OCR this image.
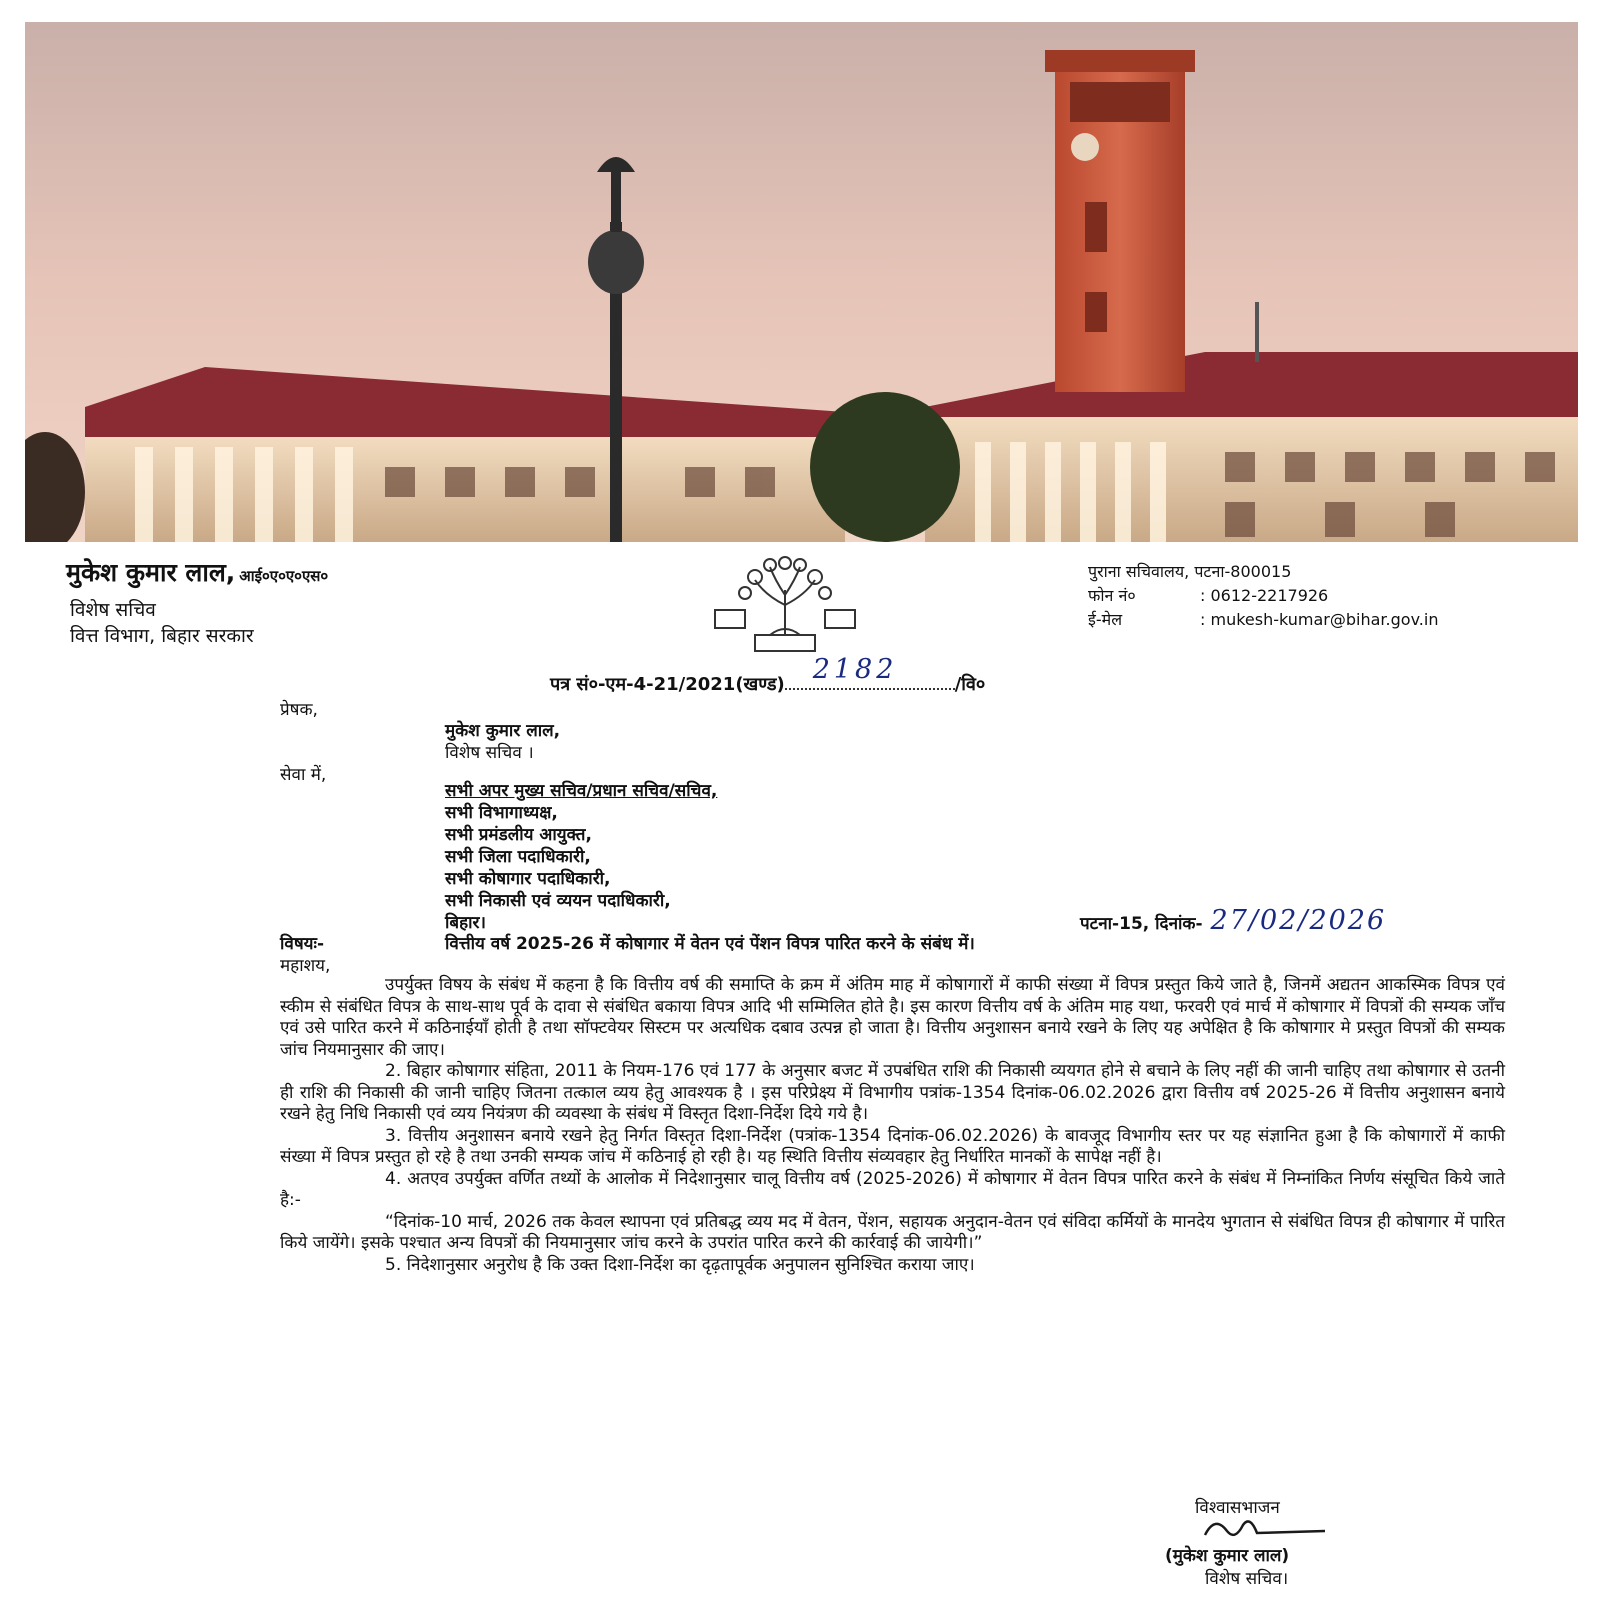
मुकेश कुमार लाल, आई०ए०ए०एस०
विशेष सचिव
वित्त विभाग, बिहार सरकार
पुराना सचिवालय, पटना-800015
फोन नं०	: 0612-2217926
ई-मेल	: mukesh-kumar@bihar.gov.in
पत्र सं०-एम-4-21/2021(खण्ड) 2182	/वि०
प्रेषक,
मुकेश कुमार लाल,
विशेष सचिव ।
सेवा में,
सभी अपर मुख्य सचिव/प्रधान सचिव/सचिव,
सभी विभागाध्यक्ष,
सभी प्रमंडलीय आयुक्त,
सभी जिला पदाधिकारी,
सभी कोषागार पदाधिकारी,
सभी निकासी एवं व्ययन पदाधिकारी,
बिहार।	पटना-15, दिनांक- 27/02/2026
विषयः-	वित्तीय वर्ष 2025-26 में कोषागार में वेतन एवं पेंशन विपत्र पारित करने के संबंध में।
महाशय,

उपर्युक्त विषय के संबंध में कहना है कि वित्तीय वर्ष की समाप्ति के क्रम में अंतिम माह में कोषागारों में काफी संख्या में विपत्र प्रस्तुत किये जाते है, जिनमें अद्यतन आकस्मिक विपत्र एवं स्कीम से संबंधित विपत्र के साथ-साथ पूर्व के दावा से संबंधित बकाया विपत्र आदि भी सम्मिलित होते है। इस कारण वित्तीय वर्ष के अंतिम माह यथा, फरवरी एवं मार्च में कोषागार में विपत्रों की सम्यक जाँच एवं उसे पारित करने में कठिनाईयाँ होती है तथा सॉफ्टवेयर सिस्टम पर अत्यधिक दबाव उत्पन्न हो जाता है। वित्तीय अनुशासन बनाये रखने के लिए यह अपेक्षित है कि कोषागार मे प्रस्तुत विपत्रों की सम्यक जांच नियमानुसार की जाए।

2. बिहार कोषागार संहिता, 2011 के नियम-176 एवं 177 के अनुसार बजट में उपबंधित राशि की निकासी व्ययगत होने से बचाने के लिए नहीं की जानी चाहिए तथा कोषागार से उतनी ही राशि की निकासी की जानी चाहिए जितना तत्काल व्यय हेतु आवश्यक है । इस परिप्रेक्ष्य में विभागीय पत्रांक-1354 दिनांक-06.02.2026 द्वारा वित्तीय वर्ष 2025-26 में वित्तीय अनुशासन बनाये रखने हेतु निधि निकासी एवं व्यय नियंत्रण की व्यवस्था के संबंध में विस्तृत दिशा-निर्देश दिये गये है।

3. वित्तीय अनुशासन बनाये रखने हेतु निर्गत विस्तृत दिशा-निर्देश (पत्रांक-1354 दिनांक-06.02.2026) के बावजूद विभागीय स्तर पर यह संज्ञानित हुआ है कि कोषागारों में काफी संख्या में विपत्र प्रस्तुत हो रहे है तथा उनकी सम्यक जांच में कठिनाई हो रही है। यह स्थिति वित्तीय संव्यवहार हेतु निर्धारित मानकों के सापेक्ष नहीं है।

4. अतएव उपर्युक्त वर्णित तथ्यों के आलोक में निदेशानुसार चालू वित्तीय वर्ष (2025-2026) में कोषागार में वेतन विपत्र पारित करने के संबंध में निम्नांकित निर्णय संसूचित किये जाते है:-

“दिनांक-10 मार्च, 2026 तक केवल स्थापना एवं प्रतिबद्ध व्यय मद में वेतन, पेंशन, सहायक अनुदान-वेतन एवं संविदा कर्मियों के मानदेय भुगतान से संबंधित विपत्र ही कोषागार में पारित किये जायेंगे। इसके पश्चात अन्य विपत्रों की नियमानुसार जांच करने के उपरांत पारित करने की कार्रवाई की जायेगी।”

5. निदेशानुसार अनुरोध है कि उक्त दिशा-निर्देश का दृढ़तापूर्वक अनुपालन सुनिश्चित कराया जाए।

विश्वासभाजन
(मुकेश कुमार लाल)
विशेष सचिव।
